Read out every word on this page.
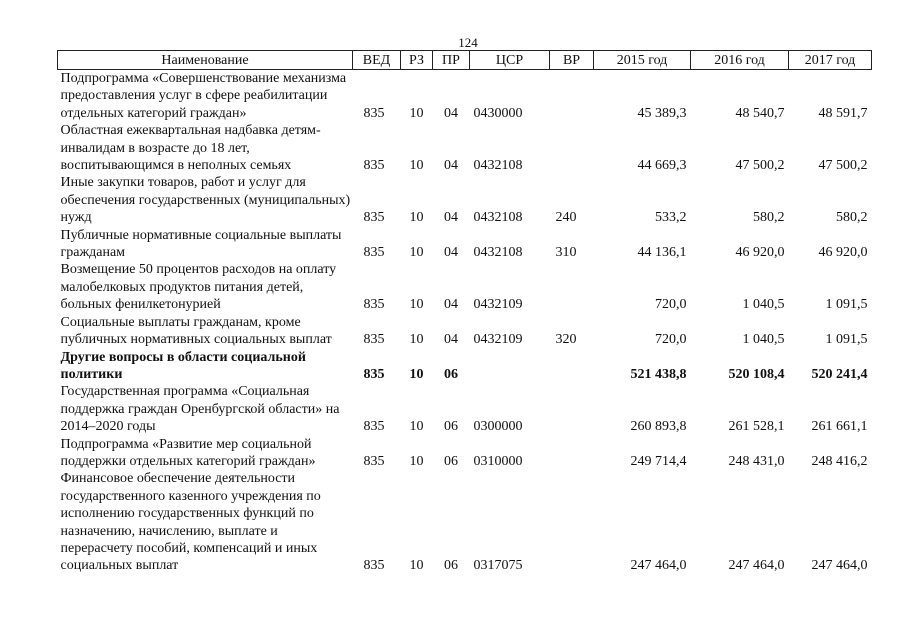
124
Наименование	ВЕД	РЗ	ПР	ЦСР	ВР	2015 год	2016 год	2017 год
Подпрограмма «Совершенствование механизма предоставления услуг в сфере реабилитации отдельных категорий граждан»	835	10	04	0430000		45 389,3	48 540,7	48 591,7
Областная ежеквартальная надбавка детям-инвалидам в возрасте до 18 лет, воспитывающимся в неполных семьях	835	10	04	0432108		44 669,3	47 500,2	47 500,2
Иные закупки товаров, работ и услуг для обеспечения государственных (муниципальных) нужд	835	10	04	0432108	240	533,2	580,2	580,2
Публичные нормативные социальные выплаты гражданам	835	10	04	0432108	310	44 136,1	46 920,0	46 920,0
Возмещение 50 процентов расходов на оплату малобелковых продуктов питания детей, больных фенилкетонурией	835	10	04	0432109		720,0	1 040,5	1 091,5
Социальные выплаты гражданам, кроме публичных нормативных социальных выплат	835	10	04	0432109	320	720,0	1 040,5	1 091,5
Другие вопросы в области социальной политики	835	10	06			521 438,8	520 108,4	520 241,4
Государственная программа «Социальная поддержка граждан Оренбургской области» на 2014–2020 годы	835	10	06	0300000		260 893,8	261 528,1	261 661,1
Подпрограмма «Развитие мер социальной поддержки отдельных категорий граждан»	835	10	06	0310000		249 714,4	248 431,0	248 416,2
Финансовое обеспечение деятельности государственного казенного учреждения по исполнению государственных функций по назначению, начислению, выплате и перерасчету пособий, компенсаций и иных социальных выплат	835	10	06	0317075		247 464,0	247 464,0	247 464,0
